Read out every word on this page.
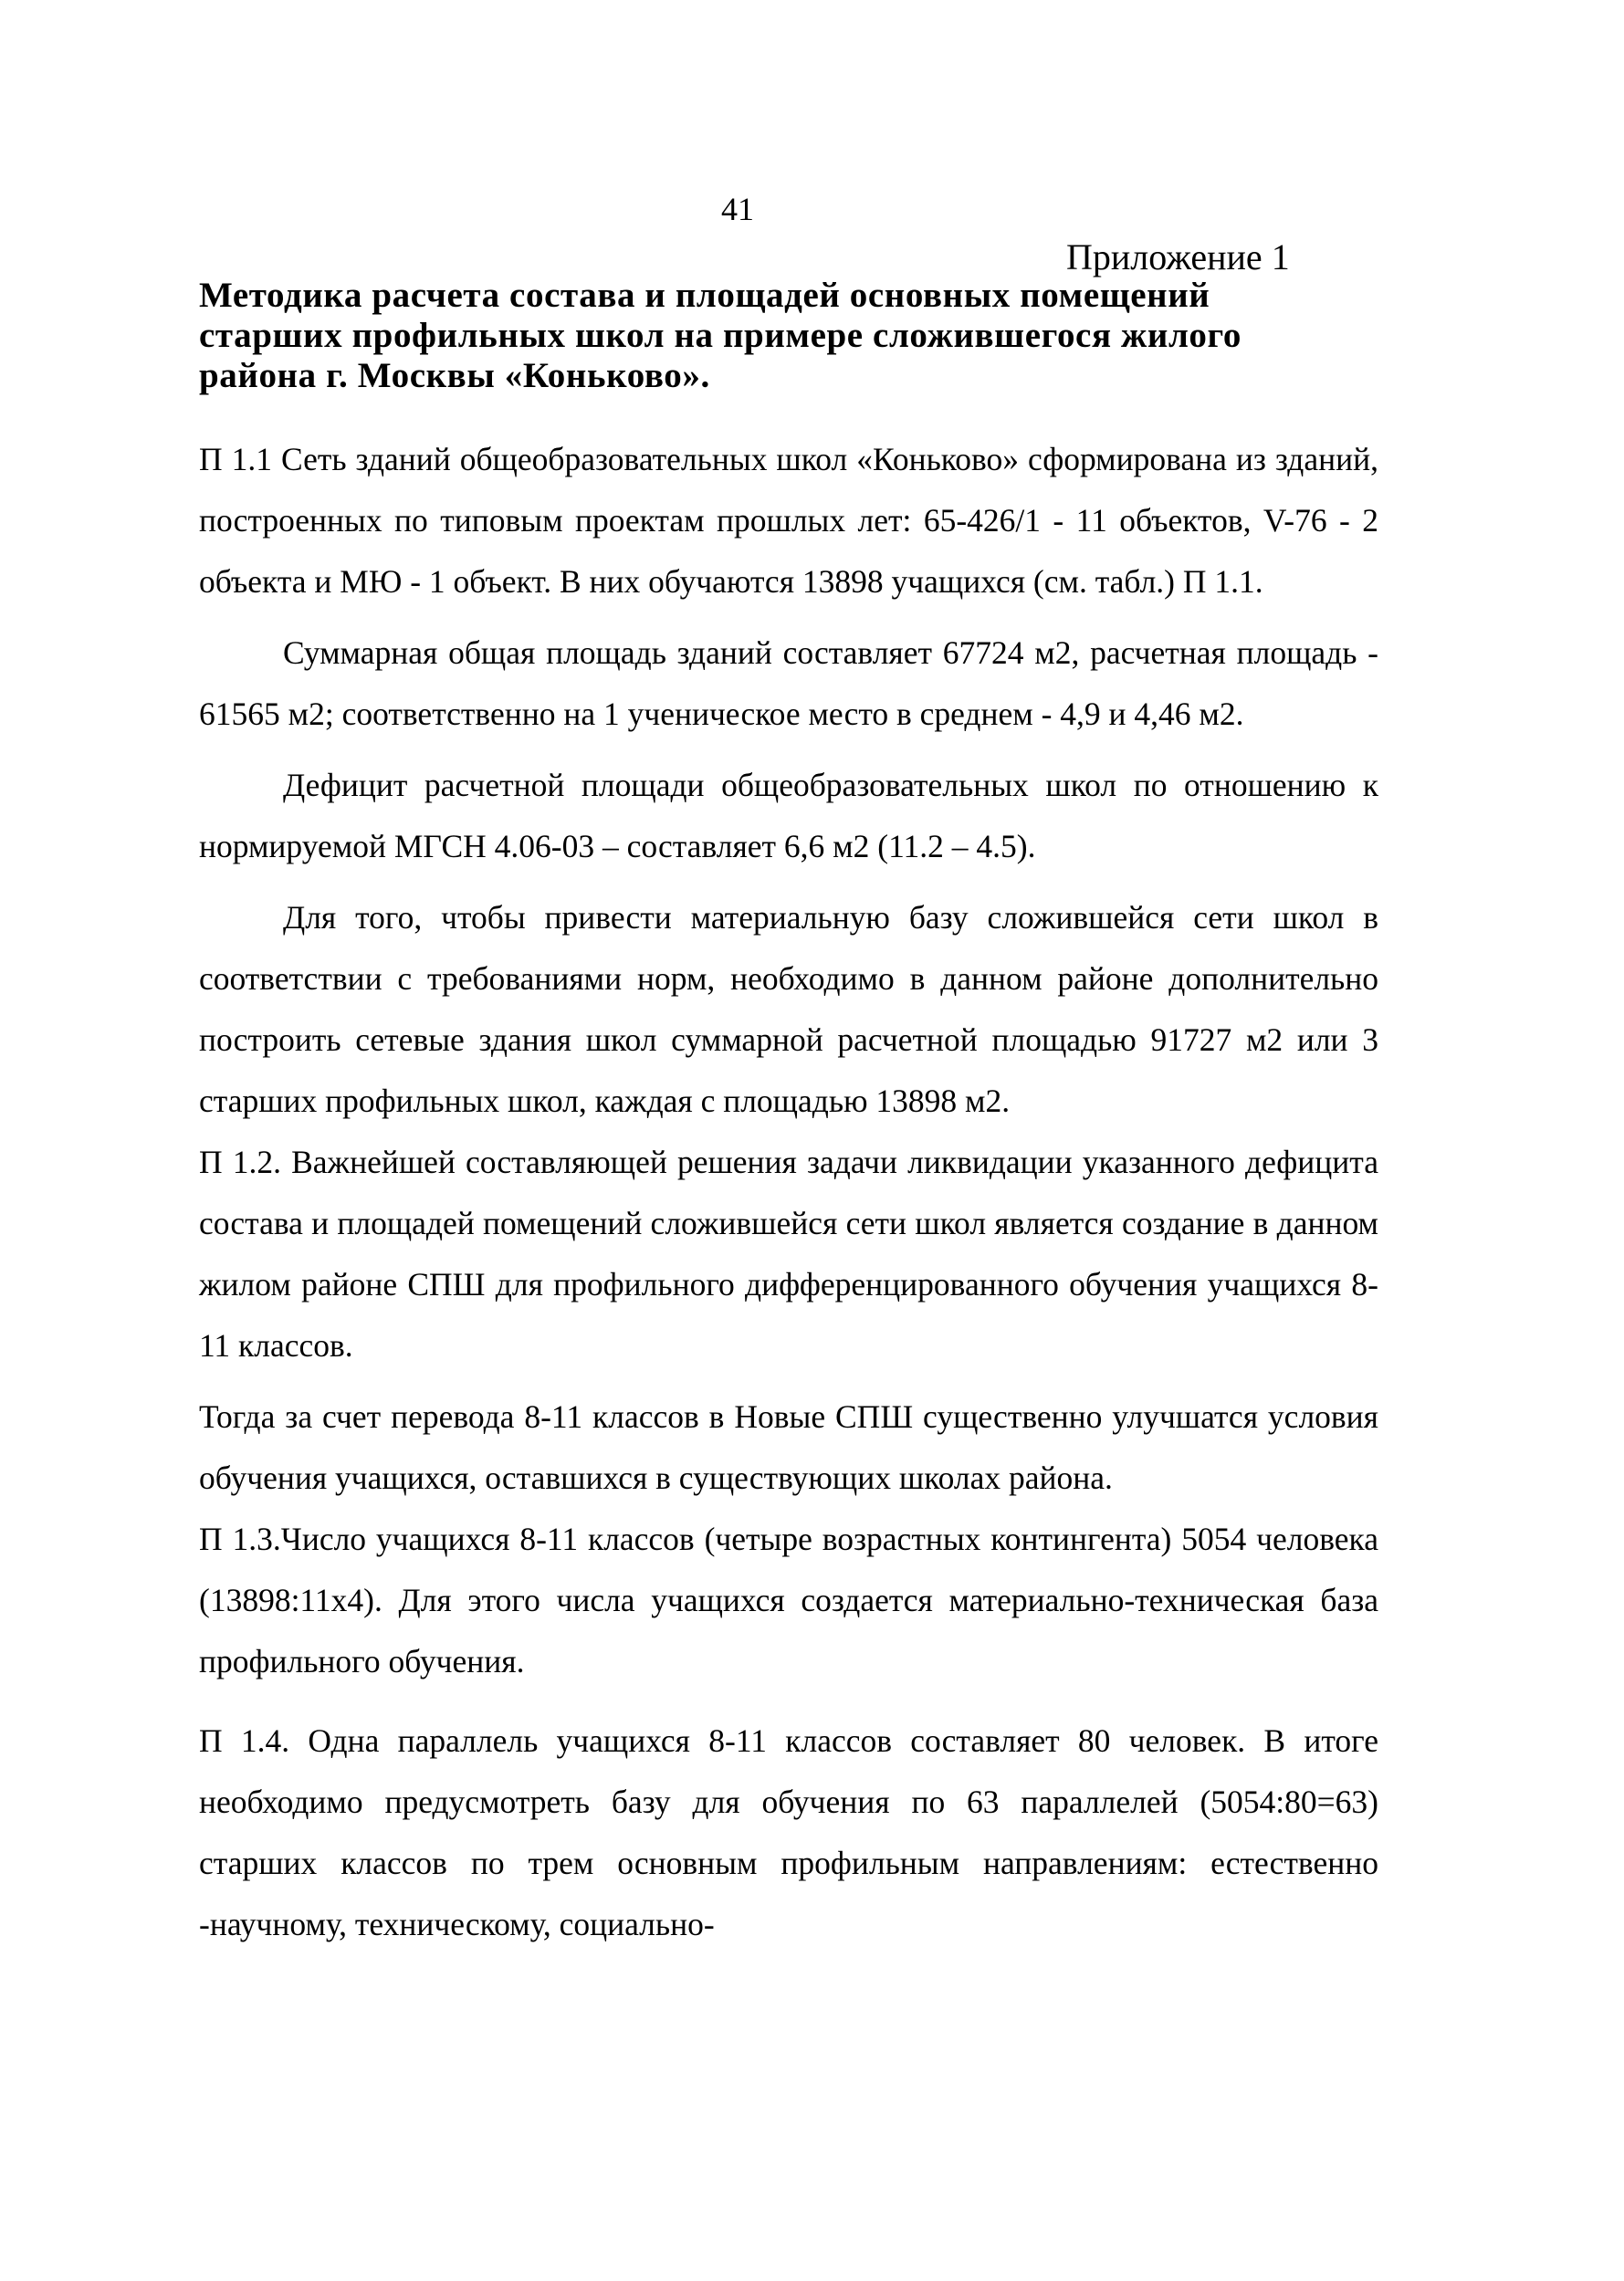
41
Приложение 1
Методика расчета состава и площадей основных помещений
старших профильных школ на примере сложившегося жилого
района г. Москвы «Коньково».

П 1.1 Сеть зданий общеобразовательных школ «Коньково» сформирована из зданий, построенных по типовым проектам прошлых лет: 65-426/1 - 11 объектов, V-76 - 2 объекта и МЮ - 1 объект. В них обучаются 13898 учащихся (см. табл.) П 1.1.

Суммарная общая площадь зданий составляет 67724 м2, расчетная площадь - 61565 м2; соответственно на 1 ученическое место в среднем - 4,9 и 4,46 м2.

Дефицит расчетной площади общеобразовательных школ по отношению к нормируемой МГСН 4.06-03 – составляет 6,6 м2 (11.2 – 4.5).

Для того, чтобы привести материальную базу сложившейся сети школ в соответствии с требованиями норм, необходимо в данном районе дополнительно построить сетевые здания школ суммарной расчетной площадью 91727 м2 или 3 старших профильных школ, каждая с площадью 13898 м2.

П 1.2. Важнейшей составляющей решения задачи ликвидации указанного дефицита состава и площадей помещений сложившейся сети школ является создание в данном жилом районе СПШ для профильного дифференцированного обучения учащихся 8-11 классов.

Тогда за счет перевода 8-11 классов в Новые СПШ существенно улучшатся условия обучения учащихся, оставшихся в существующих школах района.

П 1.3.Число учащихся 8-11 классов (четыре возрастных контингента) 5054 человека (13898:11х4). Для этого числа учащихся создается материально-техническая база профильного обучения.

П 1.4. Одна параллель учащихся 8-11 классов составляет 80 человек. В итоге необходимо предусмотреть базу для обучения по 63 параллелей (5054:80=63) старших классов по трем основным профильным направлениям: естественно -научному, техническому, социально-
